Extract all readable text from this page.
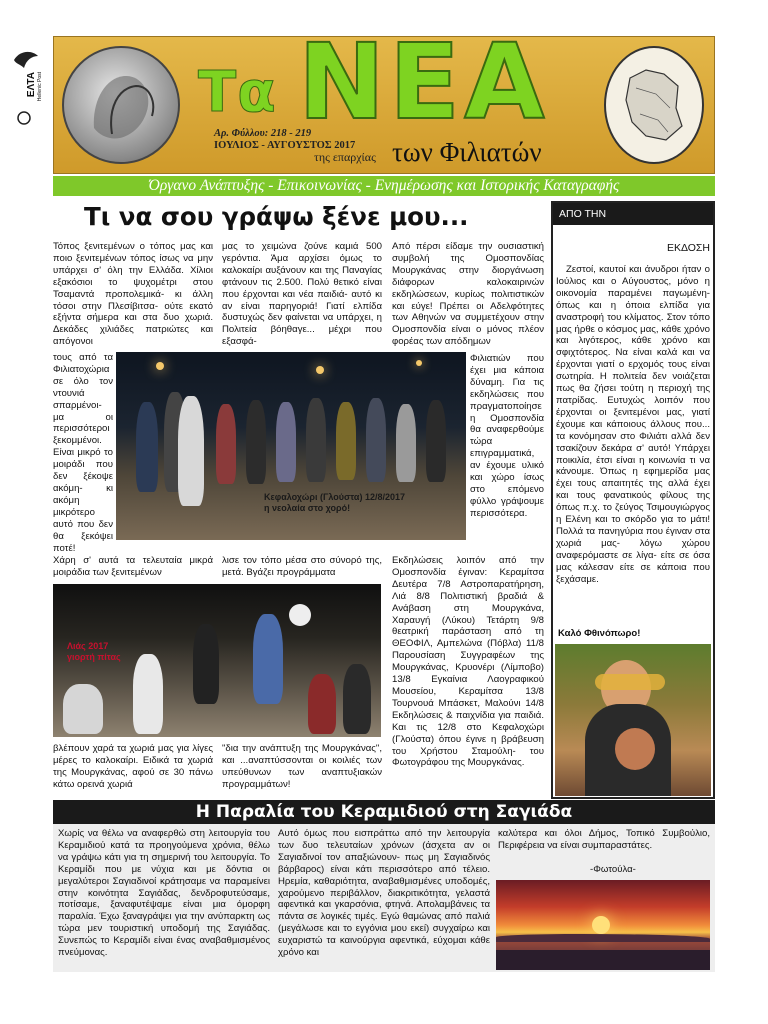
ΕΛΤΑ Hellenic Post	Τα ΝΕΑ
Αρ. Φύλλου: 218 - 219
ΙΟΥΛΙΟΣ - ΑΥΓΟΥΣΤΟΣ 2017
της επαρχίας των Φιλιατών
Όργανο Ανάπτυξης - Επικοινωνίας - Ενημέρωσης και Ιστορικής Καταγραφής
Τι να σου γράψω ξένε μου...

Τόπος ξενιτεμένων ο τόπος μας και ποιο ξενιτεμένων τόπος ίσως να μην υπάρχει σ' όλη την Ελλάδα. Χίλιοι εξακόσιοι το ψυχομέτρι στου Τσαμαντά προπολεμικά- κι άλλη τόσοι στην Πλεσίβιτσα- ούτε εκατό εξήντα σήμερα και στα δυο χωριά. Δεκάδες χιλιάδες πατριώτες και απόγονοι

τους από τα Φιλιατοχώρια σε όλο τον ντουνιά σπαρμένοι- μα οι περισσότεροι ξεκομμένοι. Είναι μικρό το μοιράδι που δεν ξέκοψε ακόμη- κι ακόμη μικρότερο αυτό που δεν θα ξεκόψει ποτέ!

Χάρη σ' αυτά τα τελευταία μικρά μοιράδια των ξενιτεμένων

βλέπουν χαρά τα χωριά μας για λίγες μέρες το καλοκαίρι. Ειδικά τα χωριά της Μουργκάνας, αφού σε 30 πάνω κάτω ορεινά χωριά

μας το χειμώνα ζούνε καμιά 500 γερόντια. Άμα αρχίσει όμως το καλοκαίρι αυξάνουν και της Παναγίας φτάνουν τις 2.500. Πολύ θετικό είναι που έρχονται και νέα παιδιά- αυτό κι αν είναι παρηγοριά! Γιατί ελπίδα δυστυχώς δεν φαίνεται να υπάρχει, η Πολιτεία βόηθαγε... μέχρι που εξασφά-

λισε τον τόπο μέσα στο σύνορό της, μετά. Βγάζει προγράμματα

"δια την ανάπτυξη της Μουργκάνας", και ...αναπτύσσονται οι κοιλιές των υπεύθυνων των αναπτυξιακών προγραμμάτων!

Από πέρσι είδαμε την ουσιαστική συμβολή της Ομοσπονδίας Μουργκάνας στην διοργάνωση διάφορων καλοκαιρινών εκδηλώσεων, κυρίως πολιτιστικών και εύγε! Πρέπει οι Αδελφότητες των Αθηνών να συμμετέχουν στην Ομοσπονδία είναι ο μόνος πλέον φορέας των απόδημων

Φιλιατιών που έχει μια κάποια δύναμη. Για τις εκδηλώσεις που πραγματοποίησε η Ομοσπονδία θα αναφερθούμε τώρα επιγραμματικά, αν έχουμε υλικό και χώρο ίσως στο επόμενο φύλλο γράψουμε περισσότερα.

Εκδηλώσεις λοιπόν από την Ομοσπονδία έγιναν: Κεραμίτσα Δευτέρα 7/8 Αστροπαρατήρηση, Λιά 8/8 Πολιτιστική βραδιά & Ανάβαση στη Μουργκάνα, Χαραυγή (Λύκου) Τετάρτη 9/8 θεατρική παράσταση από τη ΘΕΟΦΙΛ, Αμπελώνα (Πόβλα) 11/8 Παρουσίαση Συγγραφέων της Μουργκάνας, Κρυονέρι (Λίμποβο) 13/8 Εγκαίνια Λαογραφικού Μουσείου, Κεραμίτσα 13/8 Τουρνουά Μπάσκετ, Μαλούνι 14/8 Εκδηλώσεις & παιχνίδια για παιδιά. Και τις 12/8 στο Κεφαλοχώρι (Γλούστα) όπου έγινε η βράβευση του Χρήστου Σταμούλη- του Φωτογράφου της Μουργκάνας.

Κεφαλοχώρι (Γλούστα) 12/8/2017
η νεολαία στο χορό!
Λιάς 2017
γιορτή πίτας
ΑΠΟ ΤΗΝ
ΕΚΔΟΣΗ

Ζεστοί, καυτοί και άνυδροι ήταν ο Ιούλιος και ο Αύγουστος, μόνο η οικονομία παραμένει παγωμένη- όπως και η όποια ελπίδα για αναστροφή του κλίματος. Στον τόπο μας ήρθε ο κόσμος μας, κάθε χρόνο και λιγότερος, κάθε χρόνο και σφιχτότερος. Να είναι καλά και να έρχονται γιατί ο ερχομός τους είναι σωτηρία. Η πολιτεία δεν νοιάζεται πως θα ζήσει τούτη η περιοχή της πατρίδας. Ευτυχώς λοιπόν που έρχονται οι ξενιτεμένοι μας, γιατί έχουμε και κάποιους άλλους που... τα κονόμησαν στο Φιλιάτι αλλά δεν τσακίζουν δεκάρα σ' αυτό! Υπάρχει ποικιλία, έτσι είναι η κοινωνία τι να κάνουμε. Όπως η εφημερίδα μας έχει τους απαιτητές της αλλά έχει και τους φανατικούς φίλους της όπως π.χ. το ζεύγος Τσιμουγιώργος η Ελένη και το σκόρδο για το μάτι! Πολλά τα πανηγύρια που έγιναν στα χωριά μας- λόγω χώρου αναφερόμαστε σε λίγα- είτε σε όσα μας κάλεσαν είτε σε κάποια που ξεχάσαμε.

Καλό Φθινόπωρο!
Η Παραλία του Κεραμιδιού στη Σαγιάδα

Χωρίς να θέλω να αναφερθώ στη λειτουργία του Κεραμιδιού κατά τα προηγούμενα χρόνια, θέλω να γράψω κάτι για τη σημερινή του λειτουργία. Το Κεραμίδι που με νύχια και με δόντια οι μεγαλύτεροι Σαγιαδινοί κράτησαμε να παραμείνει στην κοινότητα Σαγιάδας, δενδροφυτεύσαμε, ποτίσαμε, ξαναφυτέψαμε είναι μια όμορφη παραλία. Έχω ξαναγράψει για την ανύπαρκτη ως τώρα μεν τουριστική υποδομή της Σαγιάδας. Συνεπώς το Κεραμίδι είναι ένας αναβαθμισμένος πνεύμονας.

Αυτό όμως που εισπράττω από την λειτουργία των δυο τελευταίων χρόνων (άσχετα αν οι Σαγιαδινοί τον απαξιώνουν- πως μη Σαγιαδινός βάρβαρος) είναι κάτι περισσότερο από τέλειο. Ηρεμία, καθαριότητα, αναβαθμισμένες υποδομές, χαρούμενο περιβάλλον, διακριτικότητα, γελαστά αφεντικά και γκαρσόνια, φτηνά. Απολαμβάνεις τα πάντα σε λογικές τιμές. Εγώ θαμώνας από παλιά (μεγάλωσε και το εγγόνια μου εκεί) συγχαίρω και ευχαριστώ τα καινούργια αφεντικά, εύχομαι κάθε χρόνο και

καλύτερα και όλοι Δήμος, Τοπικό Συμβούλιο, Περιφέρεια να είναι συμπαραστάτες.

-Φωτούλα-
